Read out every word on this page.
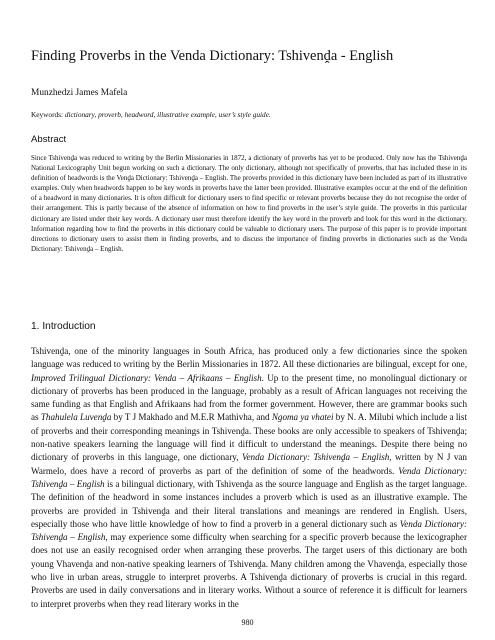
Finding Proverbs in the Venda Dictionary: Tshivenḓa - English
Munzhedzi James Mafela
Keywords: dictionary, proverb, headword, illustrative example, user’s style guide.
Abstract

Since Tshivenḓa was reduced to writing by the Berlin Missionaries in 1872, a dictionary of proverbs has yet to be produced. Only now has the Tshivenḓa National Lexicography Unit begun working on such a dictionary. The only dictionary, although not specifically of proverbs, that has included these in its definition of headwords is the Venḓa Dictionary: Tshivenḓa – English. The proverbs provided in this dictionary have been included as part of its illustrative examples. Only when headwords happen to be key words in proverbs have the latter been provided. Illustrative examples occur at the end of the definition of a headword in many dictionaries. It is often difficult for dictionary users to find specific or relevant proverbs because they do not recognise the order of their arrangement. This is partly because of the absence of information on how to find proverbs in the user’s style guide. The proverbs in this particular dictionary are listed under their key words. A dictionary user must therefore identify the key word in the proverb and look for this word in the dictionary. Information regarding how to find the proverbs in this dictionary could be valuable to dictionary users. The purpose of this paper is to provide important directions to dictionary users to assist them in finding proverbs, and to discuss the importance of finding proverbs in dictionaries such as the Venda Dictionary: Tshivenḓa – English.

1. Introduction

Tshivenḓa, one of the minority languages in South Africa, has produced only a few dictionaries since the spoken language was reduced to writing by the Berlin Missionaries in 1872. All these dictionaries are bilingual, except for one, Improved Trilingual Dictionary: Venda – Afrikaans – English. Up to the present time, no monolingual dictionary or dictionary of proverbs has been produced in the language, probably as a result of African languages not receiving the same funding as that English and Afrikaans had from the former government. However, there are grammar books such as Thahulela Luvenḓa by T J Makhado and M.E.R Mathivha, and Ngoma ya vhatei by N. A. Milubi which include a list of proverbs and their corresponding meanings in Tshivenḓa. These books are only accessible to speakers of Tshivenḓa; non-native speakers learning the language will find it difficult to understand the meanings. Despite there being no dictionary of proverbs in this language, one dictionary, Venda Dictionary: Tshivenḓa – English, written by N J van Warmelo, does have a record of proverbs as part of the definition of some of the headwords. Venda Dictionary: Tshivenḓa – English is a bilingual dictionary, with Tshivenḓa as the source language and English as the target language. The definition of the headword in some instances includes a proverb which is used as an illustrative example. The proverbs are provided in Tshivenḓa and their literal translations and meanings are rendered in English. Users, especially those who have little knowledge of how to find a proverb in a general dictionary such as Venda Dictionary: Tshivenḓa – English, may experience some difficulty when searching for a specific proverb because the lexicographer does not use an easily recognised order when arranging these proverbs. The target users of this dictionary are both young Vhavenḓa and non-native speaking learners of Tshivenḓa. Many children among the Vhavenḓa, especially those who live in urban areas, struggle to interpret proverbs. A Tshivenḓa dictionary of proverbs is crucial in this regard. Proverbs are used in daily conversations and in literary works. Without a source of reference it is difficult for learners to interpret proverbs when they read literary works in the

980
